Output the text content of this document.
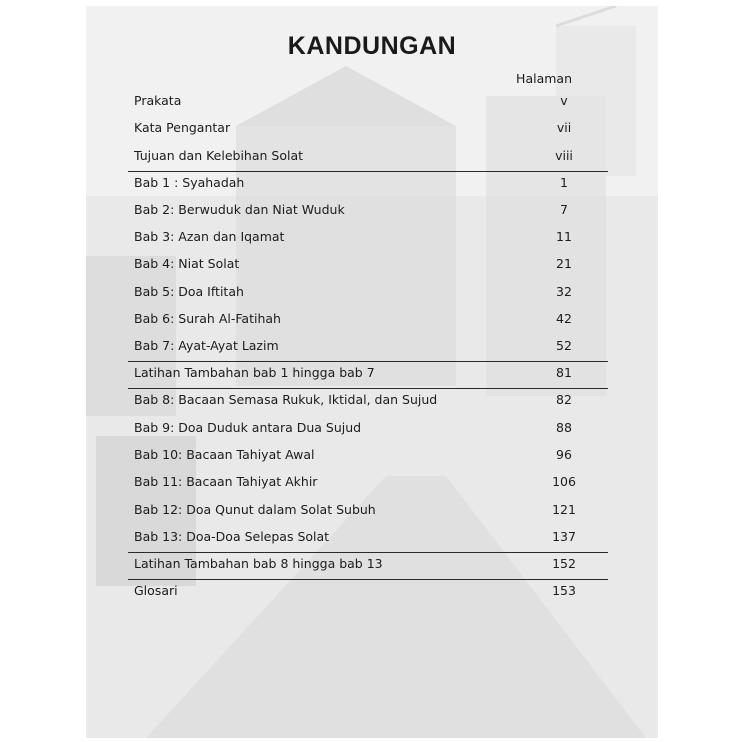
KANDUNGAN
Halaman
Prakata	v
Kata Pengantar	vii
Tujuan dan Kelebihan Solat	viii
Bab 1 : Syahadah	1
Bab 2: Berwuduk dan Niat Wuduk	7
Bab 3: Azan dan Iqamat	11
Bab 4: Niat Solat	21
Bab 5: Doa Iftitah	32
Bab 6: Surah Al-Fatihah	42
Bab 7: Ayat-Ayat Lazim	52
Latihan Tambahan bab 1 hingga bab 7	81
Bab 8: Bacaan Semasa Rukuk, Iktidal, dan Sujud	82
Bab 9: Doa Duduk antara Dua Sujud	88
Bab 10: Bacaan Tahiyat Awal	96
Bab 11: Bacaan Tahiyat Akhir	106
Bab 12: Doa Qunut dalam Solat Subuh	121
Bab 13: Doa-Doa Selepas Solat	137
Latihan Tambahan bab 8 hingga bab 13	152
Glosari	153
